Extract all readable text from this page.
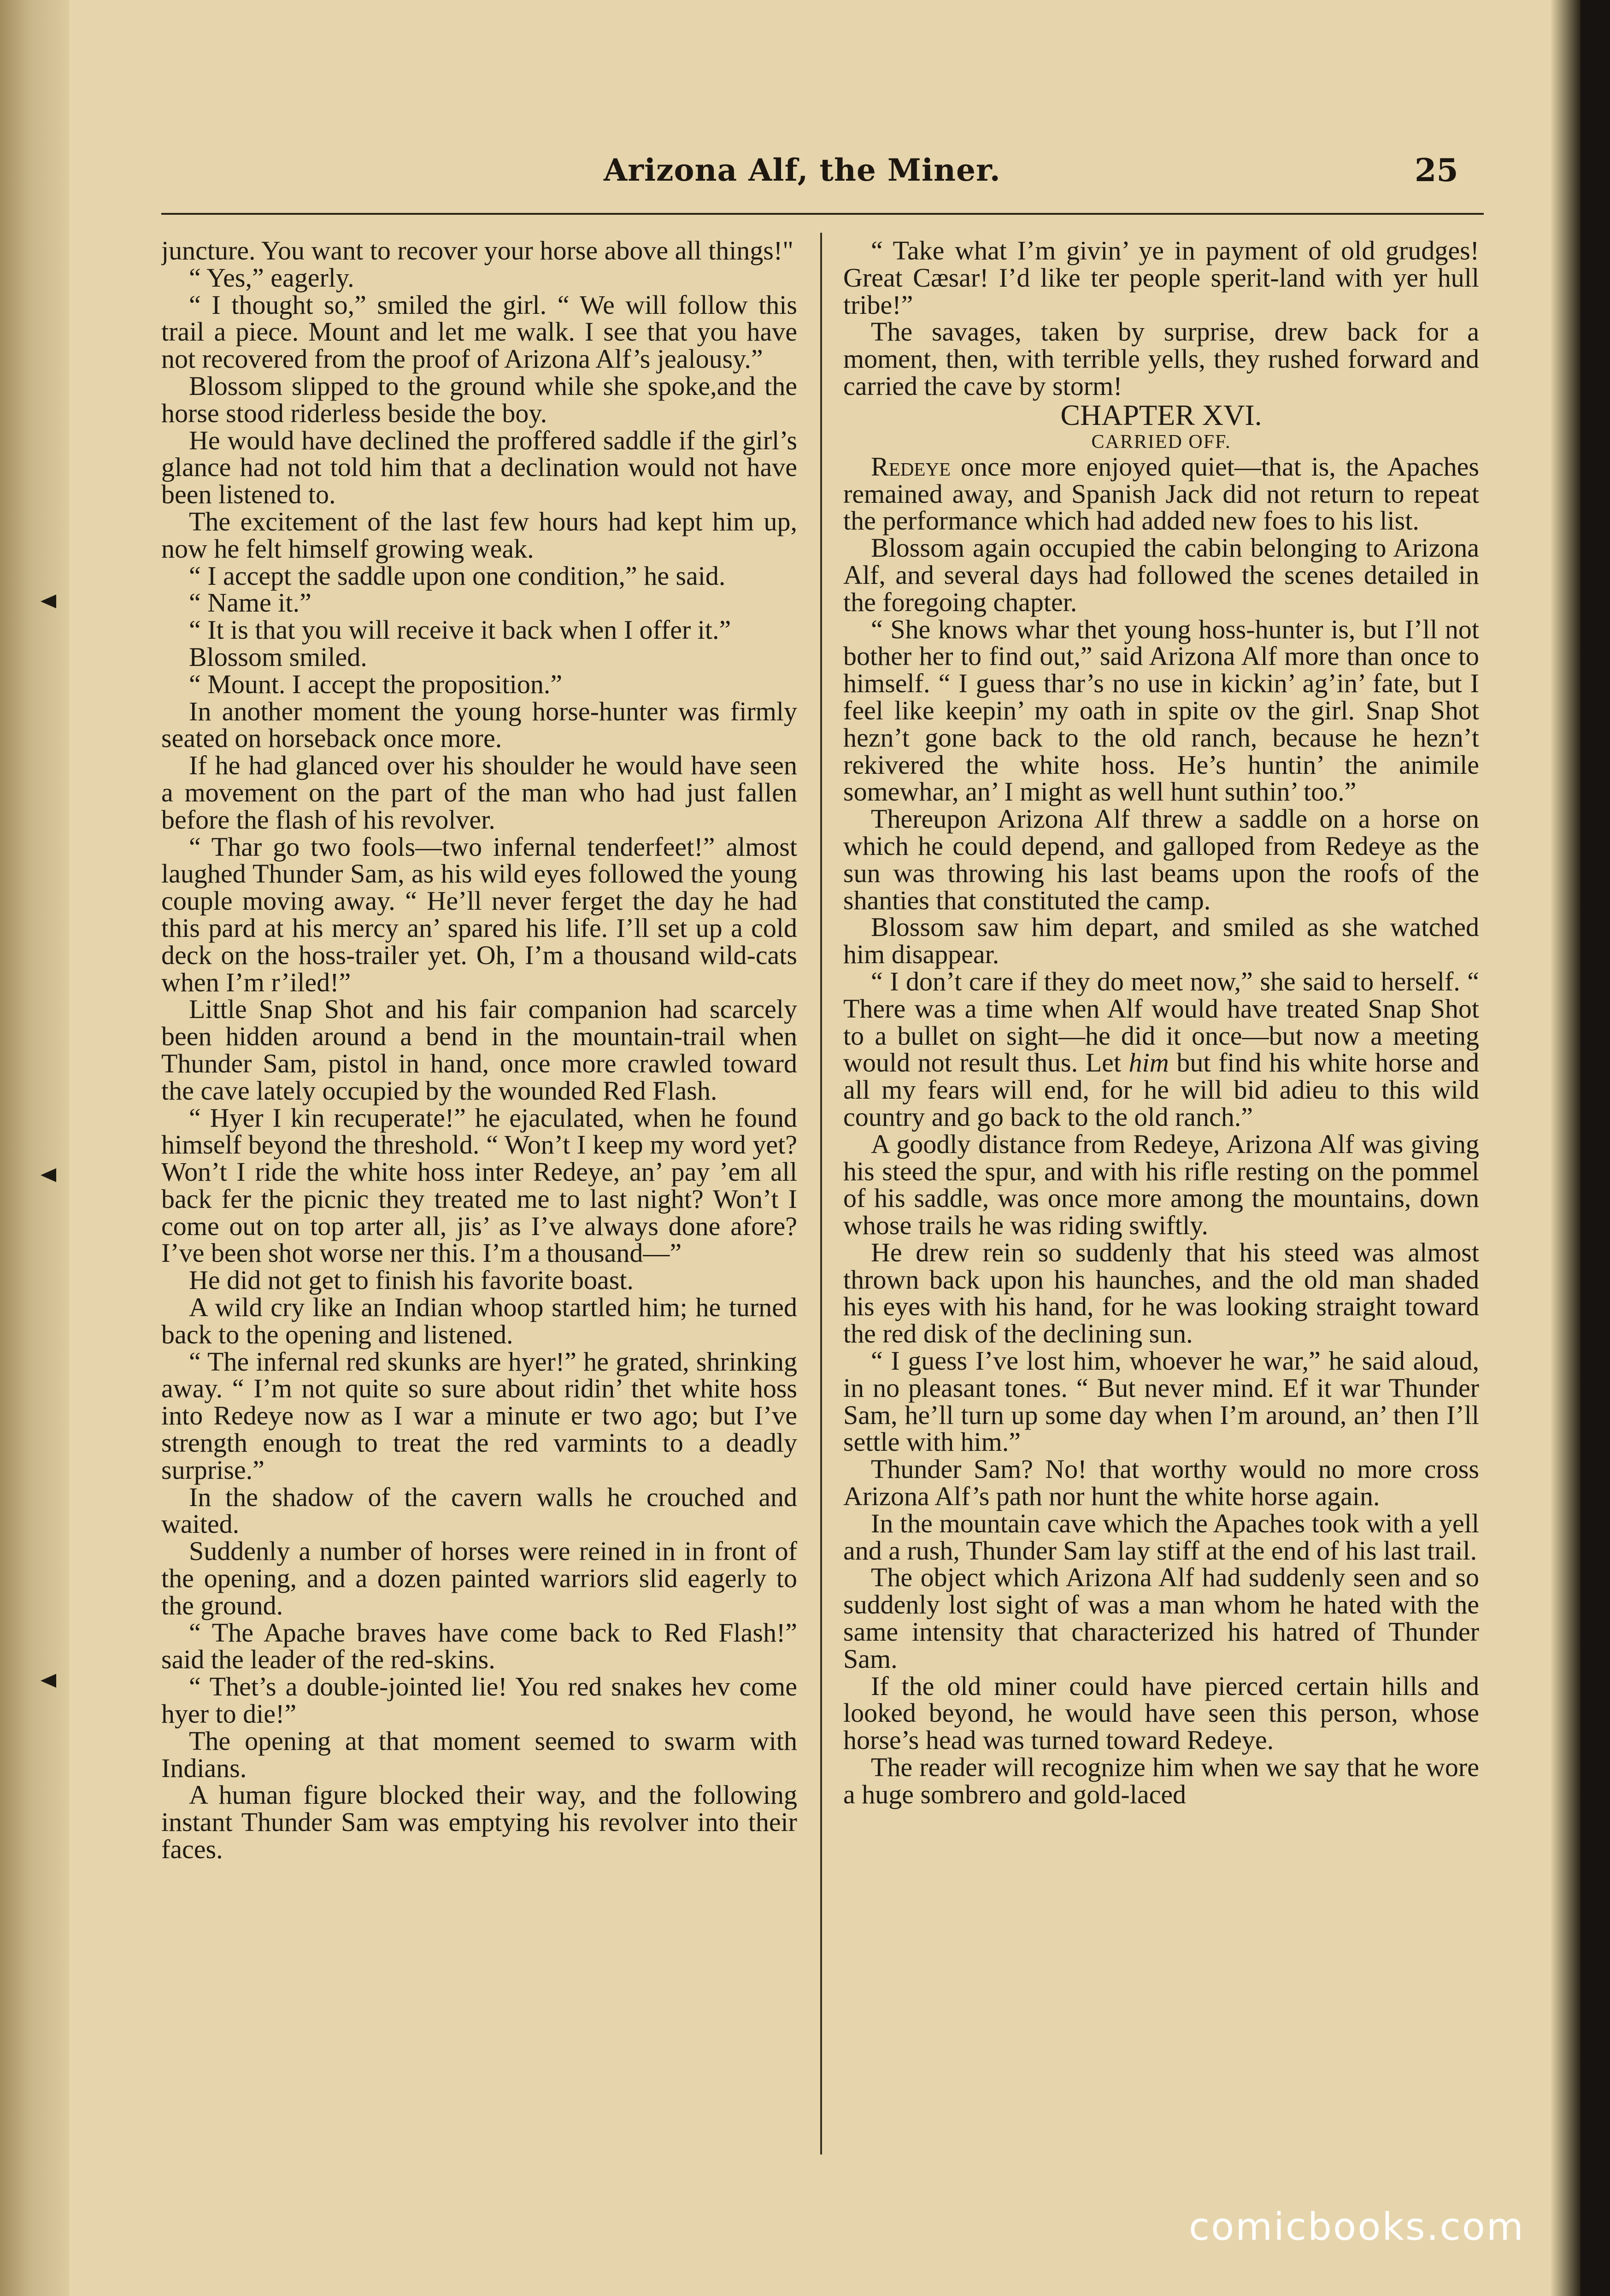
Arizona Alf, the Miner.	25

juncture. You want to recover your horse above all things!"

“ Yes,” eagerly.

“ I thought so,” smiled the girl. “ We will follow this trail a piece. Mount and let me walk. I see that you have not recovered from the proof of Arizona Alf’s jealousy.”

Blossom slipped to the ground while she spoke,and the horse stood riderless beside the boy.

He would have declined the proffered saddle if the girl’s glance had not told him that a declination would not have been listened to.

The excitement of the last few hours had kept him up, now he felt himself growing weak.

“ I accept the saddle upon one condition,” he said.

“ Name it.”

“ It is that you will receive it back when I offer it.”

Blossom smiled.

“ Mount. I accept the proposition.”

In another moment the young horse-hunter was firmly seated on horseback once more.

If he had glanced over his shoulder he would have seen a movement on the part of the man who had just fallen before the flash of his revolver.

“ Thar go two fools—two infernal tenderfeet!” almost laughed Thunder Sam, as his wild eyes followed the young couple moving away. “ He’ll never ferget the day he had this pard at his mercy an’ spared his life. I’ll set up a cold deck on the hoss-trailer yet. Oh, I’m a thousand wild-cats when I’m r’iled!”

Little Snap Shot and his fair companion had scarcely been hidden around a bend in the mountain-trail when Thunder Sam, pistol in hand, once more crawled toward the cave lately occupied by the wounded Red Flash.

“ Hyer I kin recuperate!” he ejaculated, when he found himself beyond the threshold. “ Won’t I keep my word yet? Won’t I ride the white hoss inter Redeye, an’ pay ’em all back fer the picnic they treated me to last night? Won’t I come out on top arter all, jis’ as I’ve always done afore? I’ve been shot worse ner this. I’m a thousand—”

He did not get to finish his favorite boast.

A wild cry like an Indian whoop startled him; he turned back to the opening and listened.

“ The infernal red skunks are hyer!” he grated, shrinking away. “ I’m not quite so sure about ridin’ thet white hoss into Redeye now as I war a minute er two ago; but I’ve strength enough to treat the red varmints to a deadly surprise.”

In the shadow of the cavern walls he crouched and waited.

Suddenly a number of horses were reined in in front of the opening, and a dozen painted warriors slid eagerly to the ground.

“ The Apache braves have come back to Red Flash!” said the leader of the red-skins.

“ Thet’s a double-jointed lie! You red snakes hev come hyer to die!”

The opening at that moment seemed to swarm with Indians.

A human figure blocked their way, and the following instant Thunder Sam was emptying his revolver into their faces.

“ Take what I’m givin’ ye in payment of old grudges! Great Cæsar! I’d like ter people sperit-land with yer hull tribe!”

The savages, taken by surprise, drew back for a moment, then, with terrible yells, they rushed forward and carried the cave by storm!

CHAPTER XVI.

CARRIED OFF.

Redeye once more enjoyed quiet—that is, the Apaches remained away, and Spanish Jack did not return to repeat the performance which had added new foes to his list.

Blossom again occupied the cabin belonging to Arizona Alf, and several days had followed the scenes detailed in the foregoing chapter.

“ She knows whar thet young hoss-hunter is, but I’ll not bother her to find out,” said Arizona Alf more than once to himself. “ I guess thar’s no use in kickin’ ag’in’ fate, but I feel like keepin’ my oath in spite ov the girl. Snap Shot hezn’t gone back to the old ranch, because he hezn’t rekivered the white hoss. He’s huntin’ the animile somewhar, an’ I might as well hunt suthin’ too.”

Thereupon Arizona Alf threw a saddle on a horse on which he could depend, and galloped from Redeye as the sun was throwing his last beams upon the roofs of the shanties that constituted the camp.

Blossom saw him depart, and smiled as she watched him disappear.

“ I don’t care if they do meet now,” she said to herself. “ There was a time when Alf would have treated Snap Shot to a bullet on sight—he did it once—but now a meeting would not result thus. Let him but find his white horse and all my fears will end, for he will bid adieu to this wild country and go back to the old ranch.”

A goodly distance from Redeye, Arizona Alf was giving his steed the spur, and with his rifle resting on the pommel of his saddle, was once more among the mountains, down whose trails he was riding swiftly.

He drew rein so suddenly that his steed was almost thrown back upon his haunches, and the old man shaded his eyes with his hand, for he was looking straight toward the red disk of the declining sun.

“ I guess I’ve lost him, whoever he war,” he said aloud, in no pleasant tones. “ But never mind. Ef it war Thunder Sam, he’ll turn up some day when I’m around, an’ then I’ll settle with him.”

Thunder Sam? No! that worthy would no more cross Arizona Alf’s path nor hunt the white horse again.

In the mountain cave which the Apaches took with a yell and a rush, Thunder Sam lay stiff at the end of his last trail.

The object which Arizona Alf had suddenly seen and so suddenly lost sight of was a man whom he hated with the same intensity that characterized his hatred of Thunder Sam.

If the old miner could have pierced certain hills and looked beyond, he would have seen this person, whose horse’s head was turned toward Redeye.

The reader will recognize him when we say that he wore a huge sombrero and gold-laced

comicbooks.com
